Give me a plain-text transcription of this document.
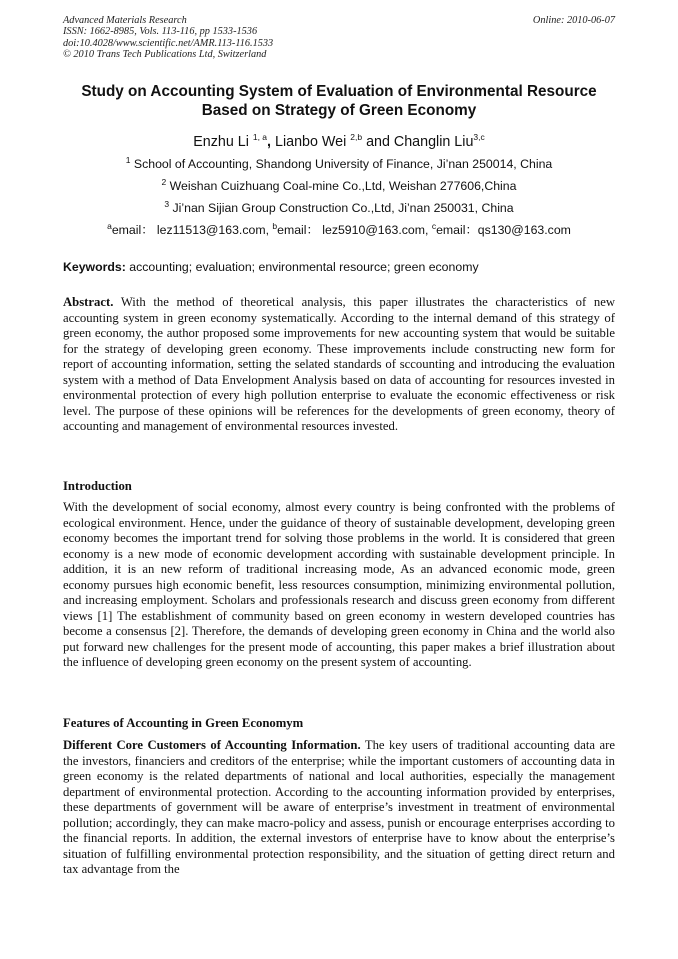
Advanced Materials Research
ISSN: 1662-8985, Vols. 113-116, pp 1533-1536
doi:10.4028/www.scientific.net/AMR.113-116.1533
© 2010 Trans Tech Publications Ltd, Switzerland
Online: 2010-06-07
Study on Accounting System of Evaluation of Environmental Resource
Based on Strategy of Green Economy
Enzhu Li $^{1, a}$, Lianbo Wei $^{2,b}$ and Changlin Liu$^{3,c}$
$^1$ School of Accounting, Shandong University of Finance, Ji’nan 250014, China
$^2$ Weishan Cuizhuang Coal-mine Co.,Ltd, Weishan 277606,China
$^3$ Ji’nan Sijian Group Construction Co.,Ltd, Ji’nan 250031, China
$^a$email： lez11513@163.com, $^b$email： lez5910@163.com, $^c$email：qs130@163.com
Keywords: accounting; evaluation; environmental resource; green economy
Abstract. With the method of theoretical analysis, this paper illustrates the characteristics of new accounting system in green economy systematically. According to the internal demand of this strategy of green economy, the author proposed some improvements for new accounting system that would be suitable for the strategy of developing green economy. These improvements include constructing new form for report of accounting information, setting the selated standards of sccounting and introducing the evaluation system with a method of Data Envelopment Analysis based on data of accounting for resources invested in environmental protection of every high pollution enterprise to evaluate the economic effectiveness or risk level. The purpose of these opinions will be references for the developments of green economy, theory of accounting and management of environmental resources invested.
Introduction
With the development of social economy, almost every country is being confronted with the problems of ecological environment. Hence, under the guidance of theory of sustainable development, developing green economy becomes the important trend for solving those problems in the world. It is considered that green economy is a new mode of economic development according with sustainable development principle. In addition, it is an new reform of traditional increasing mode, As an advanced economic mode, green economy pursues high economic benefit, less resources consumption, minimizing environmental pollution, and increasing employment. Scholars and professionals research and discuss green economy from different views [1] The establishment of community based on green economy in western developed countries has become a consensus [2]. Therefore, the demands of developing green economy in China and the world also put forward new challenges for the present mode of accounting, this paper makes a brief illustration about the influence of developing green economy on the present system of accounting.
Features of Accounting in Green Economym
Different Core Customers of Accounting Information. The key users of traditional accounting data are the investors, financiers and creditors of the enterprise; while the important customers of accounting data in green economy is the related departments of national and local authorities, especially the management department of environmental protection. According to the accounting information provided by enterprises, these departments of government will be aware of enterprise’s investment in treatment of environmental pollution; accordingly, they can make macro-policy and assess, punish or encourage enterprises according to the financial reports. In addition, the external investors of enterprise have to know about the enterprise’s situation of fulfilling environmental protection responsibility, and the situation of getting direct return and tax advantage from the
